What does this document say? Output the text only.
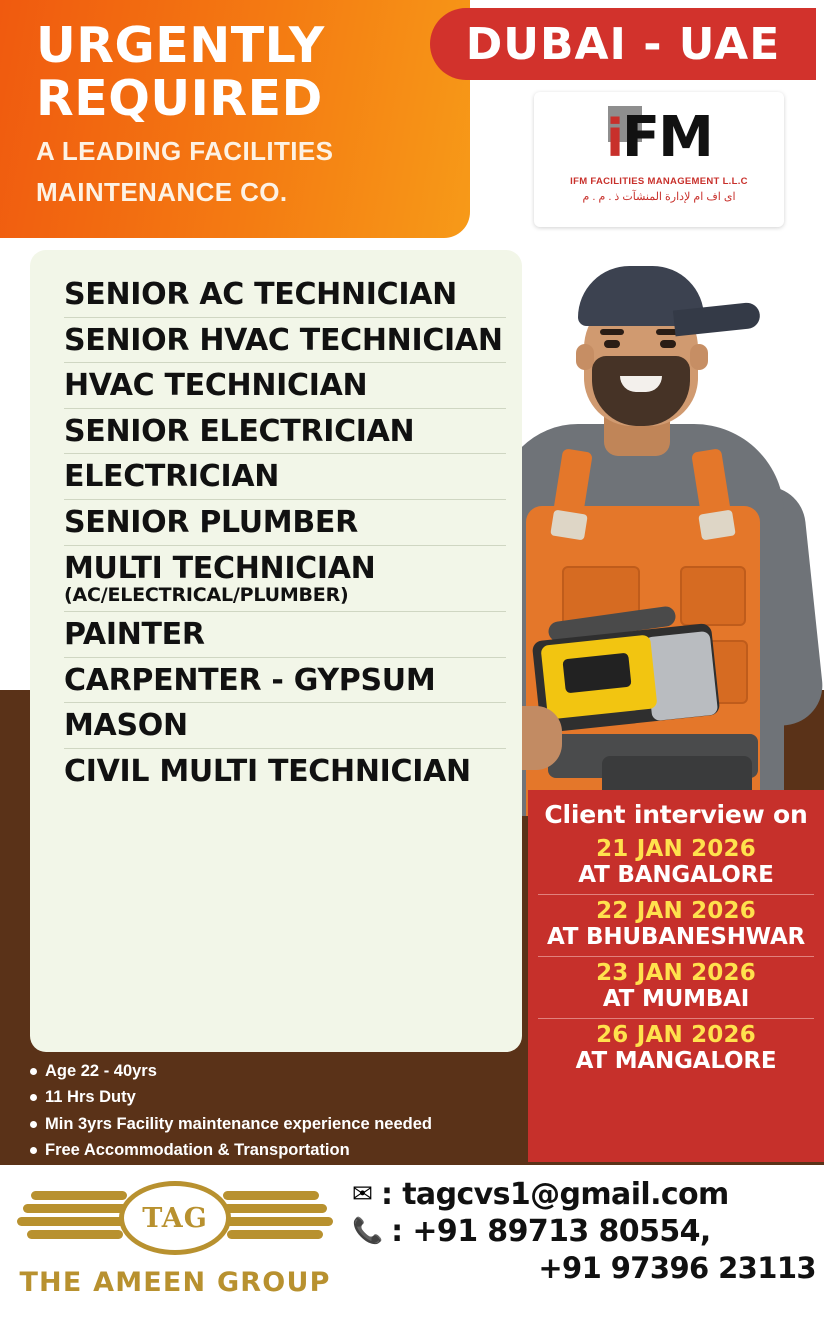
URGENTLY
REQUIRED
A LEADING FACILITIES
MAINTENANCE CO.
DUBAI - UAE
iFM
IFM FACILITIES MANAGEMENT L.L.C
اى اف ام لإدارة المنشآت ذ . م . م
SENIOR AC TECHNICIAN
SENIOR HVAC TECHNICIAN
HVAC TECHNICIAN
SENIOR ELECTRICIAN
ELECTRICIAN
SENIOR PLUMBER
MULTI TECHNICIAN
(AC/ELECTRICAL/PLUMBER)
PAINTER
CARPENTER - GYPSUM
MASON
CIVIL MULTI TECHNICIAN
Client interview on
21 JAN 2026
AT BANGALORE
22 JAN 2026
AT BHUBANESHWAR
23 JAN 2026
AT MUMBAI
26 JAN 2026
AT MANGALORE
Age 22 - 40yrs
11 Hrs Duty
Min 3yrs Facility maintenance experience needed
Free Accommodation & Transportation
TAG
THE AMEEN GROUP
✉ : tagcvs1@gmail.com
📞 : +91 89713 80554,
+91 97396 23113
